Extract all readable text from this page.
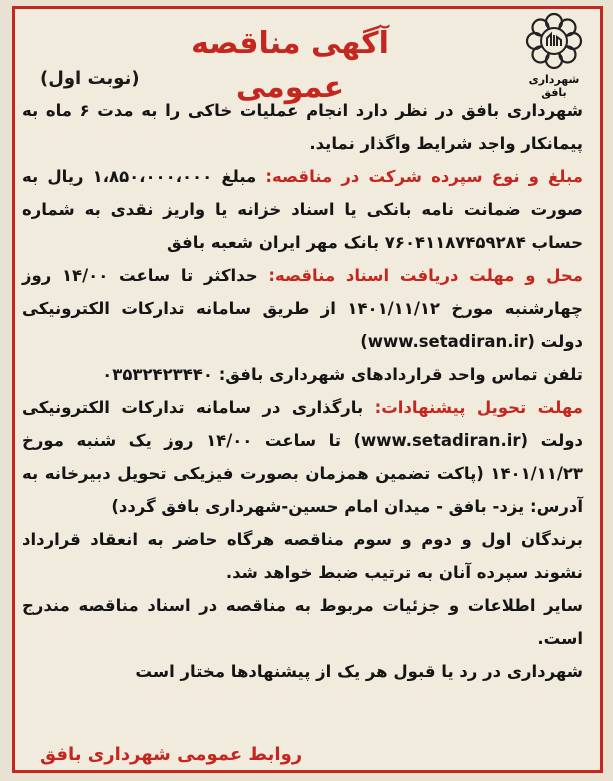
شهرداری بافق
آگهی مناقصه عمومی
(نوبت اول)

شهرداری بافق در نظر دارد انجام عملیات خاکی را به مدت ۶ ماه به پیمانکار واجد شرایط واگذار نماید.

مبلغ و نوع سپرده شرکت در مناقصه: مبلغ ۱،۸۵۰،۰۰۰،۰۰۰ ریال به صورت ضمانت نامه بانکی یا اسناد خزانه یا واریز نقدی به شماره حساب ۷۶۰۴۱۱۸۷۴۵۹۲۸۴ بانک مهر ایران شعبه بافق

محل و مهلت دریافت اسناد مناقصه: حداکثر تا ساعت ۱۴/۰۰ روز چهارشنبه مورخ ۱۴۰۱/۱۱/۱۲ از طریق سامانه تدارکات الکترونیکی دولت (www.setadiran.ir)

تلفن تماس واحد قراردادهای شهرداری بافق: ۰۳۵۳۲۴۲۳۴۴۰

مهلت تحویل پیشنهادات: بارگذاری در سامانه تدارکات الکترونیکی دولت (www.setadiran.ir) تا ساعت ۱۴/۰۰ روز یک شنبه مورخ ۱۴۰۱/۱۱/۲۳ (پاکت تضمین همزمان بصورت فیزیکی تحویل دبیرخانه به آدرس: یزد- بافق - میدان امام حسین-شهرداری بافق گردد)

برندگان اول و دوم و سوم مناقصه هرگاه حاضر به انعقاد قرارداد نشوند سپرده آنان به ترتیب ضبط خواهد شد.

سایر اطلاعات و جزئیات مربوط به مناقصه در اسناد مناقصه مندرج است.

شهرداری در رد یا قبول هر یک از پیشنهادها مختار است

روابط عمومی شهرداری بافق
